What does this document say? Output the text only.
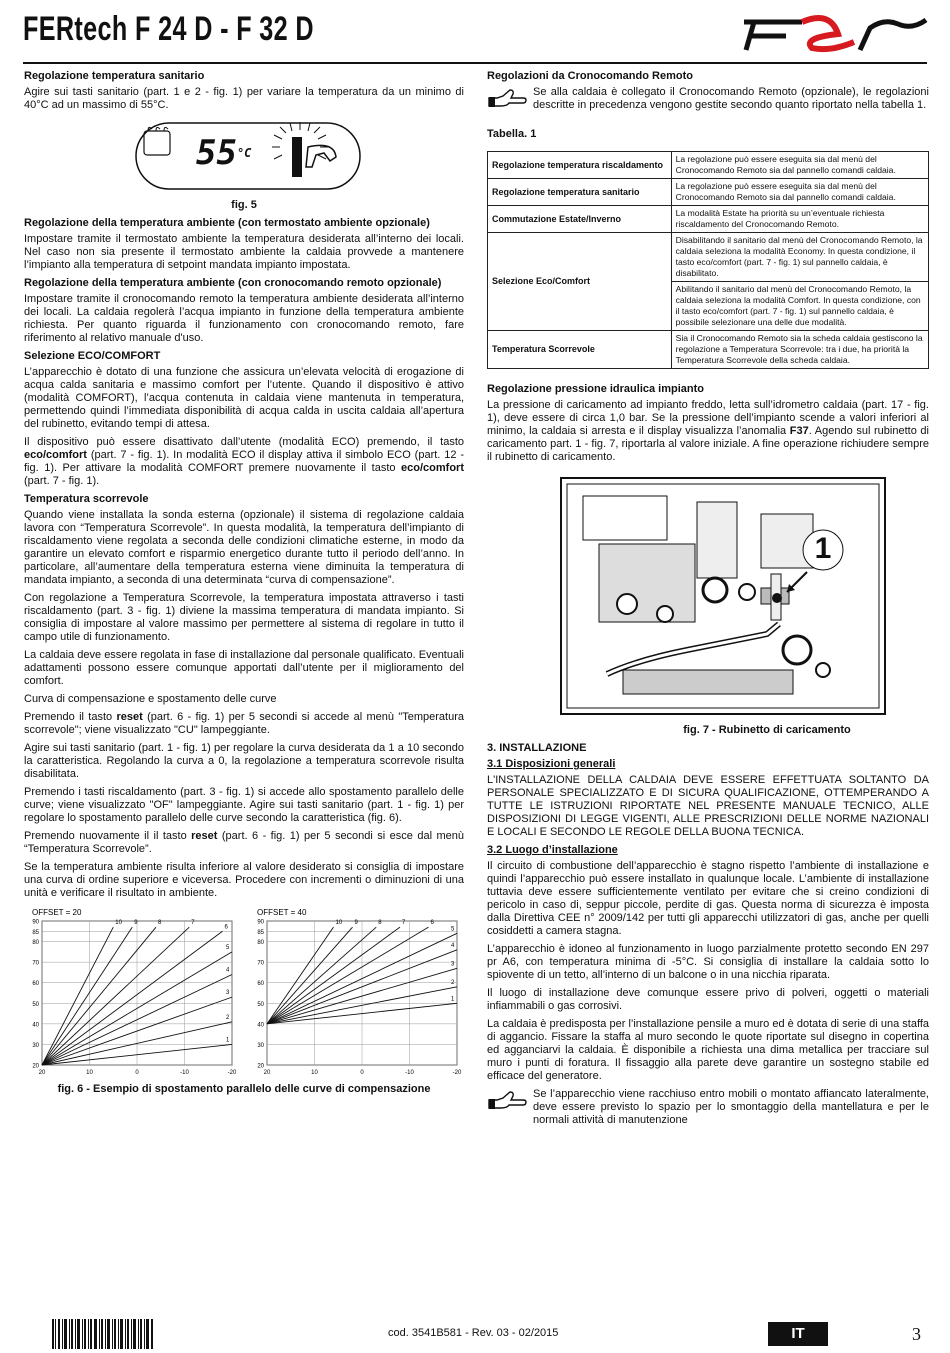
FERtech F 24 D - F 32 D
Regolazione temperatura sanitario

Agire sui tasti sanitario (part. 1 e 2 - fig. 1) per variare la temperatura da un minimo di 40°C ad un massimo di 55°C.

$55^{^\circ C}$
fig. 5
Regolazione della temperatura ambiente (con termostato ambiente opzionale)

Impostare tramite il termostato ambiente la temperatura desiderata all’interno dei locali. Nel caso non sia presente il termostato ambiente la caldaia provvede a mantenere l’impianto alla temperatura di setpoint mandata impianto impostata.

Regolazione della temperatura ambiente (con cronocomando remoto opzionale)

Impostare tramite il cronocomando remoto la temperatura ambiente desiderata all’interno dei locali. La caldaia regolerà l’acqua impianto in funzione della temperatura ambiente richiesta. Per quanto riguarda il funzionamento con cronocomando remoto, fare riferimento al relativo manuale d'uso.

Selezione ECO/COMFORT

L’apparecchio è dotato di una funzione che assicura un’elevata velocità di erogazione di acqua calda sanitaria e massimo comfort per l’utente. Quando il dispositivo è attivo (modalità COMFORT), l’acqua contenuta in caldaia viene mantenuta in temperatura, permettendo quindi l’immediata disponibilità di acqua calda in uscita caldaia all’apertura del rubinetto, evitando tempi di attesa.

Il dispositivo può essere disattivato dall’utente (modalità ECO) premendo, il tasto eco/comfort (part. 7 - fig. 1). In modalità ECO il display attiva il simbolo ECO (part. 12 - fig. 1). Per attivare la modalità COMFORT premere nuovamente il tasto eco/comfort (part. 7 - fig. 1).

Temperatura scorrevole

Quando viene installata la sonda esterna (opzionale) il sistema di regolazione caldaia lavora con “Temperatura Scorrevole”. In questa modalità, la temperatura dell’impianto di riscaldamento viene regolata a seconda delle condizioni climatiche esterne, in modo da garantire un elevato comfort e risparmio energetico durante tutto il periodo dell’anno. In particolare, all’aumentare della temperatura esterna viene diminuita la temperatura di mandata impianto, a seconda di una determinata “curva di compensazione”.

Con regolazione a Temperatura Scorrevole, la temperatura impostata attraverso i tasti riscaldamento (part. 3 - fig. 1) diviene la massima temperatura di mandata impianto. Si consiglia di impostare al valore massimo per permettere al sistema di regolare in tutto il campo utile di funzionamento.

La caldaia deve essere regolata in fase di installazione dal personale qualificato. Eventuali adattamenti possono essere comunque apportati dall’utente per il miglioramento del comfort.

Curva di compensazione e spostamento delle curve

Premendo il tasto reset (part. 6 - fig. 1) per 5 secondi si accede al menù "Temperatura scorrevole"; viene visualizzato "CU" lampeggiante.

Agire sui tasti sanitario (part. 1 - fig. 1) per regolare la curva desiderata da 1 a 10 secondo la caratteristica. Regolando la curva a 0, la regolazione a temperatura scorrevole risulta disabilitata.

Premendo i tasti riscaldamento (part. 3 - fig. 1) si accede allo spostamento parallelo delle curve; viene visualizzato "OF" lampeggiante. Agire sui tasti sanitario (part. 1 - fig. 1) per regolare lo spostamento parallelo delle curve secondo la caratteristica (fig. 6).

Premendo nuovamente il il tasto reset (part. 6 - fig. 1) per 5 secondi si esce dal menù “Temperatura Scorrevole”.

Se la temperatura ambiente risulta inferiore al valore desiderato si consiglia di impostare una curva di ordine superiore e viceversa. Procedere con incrementi o diminuzioni di una unità e verificare il risultato in ambiente.

OFFSET = 20
90
85
80
70
60
50
40
30
20
20	10	0	-10	-20
1
2
3
4
5
6
7
8
9
10
OFFSET = 40
90
85
80
70
60
50
40
30
20
20	10	0	-10	-20
1
2
3
4
5
6
7
8
9
10
fig. 6 - Esempio di spostamento parallelo delle curve di compensazione
Regolazioni da Cronocomando Remoto

Se alla caldaia è collegato il Cronocomando Remoto (opzionale), le regolazioni descritte in precedenza vengono gestite secondo quanto riportato nella tabella 1.

Tabella. 1
Regolazione temperatura riscaldamento	La regolazione può essere eseguita sia dal menù del Cronocomando Remoto sia dal pannello comandi caldaia.
Regolazione temperatura sanitario	La regolazione può essere eseguita sia dal menù del Cronocomando Remoto sia dal pannello comandi caldaia.
Commutazione Estate/Inverno	La modalità Estate ha priorità su un’eventuale richiesta riscaldamento del Cronocomando Remoto.
Selezione Eco/Comfort	Disabilitando il sanitario dal menù del Cronocomando Remoto, la caldaia seleziona la modalità Economy. In questa condizione, il tasto eco/comfort (part. 7 - fig. 1) sul pannello caldaia, è disabilitato.
	Abilitando il sanitario dal menù del Cronocomando Remoto, la caldaia seleziona la modalità Comfort. In questa condizione, con il tasto eco/comfort (part. 7 - fig. 1) sul pannello caldaia, è possibile selezionare una delle due modalità.
Temperatura Scorrevole	Sia il Cronocomando Remoto sia la scheda caldaia gestiscono la regolazione a Temperatura Scorrevole: tra i due, ha priorità la Temperatura Scorrevole della scheda caldaia.
Regolazione pressione idraulica impianto

La pressione di caricamento ad impianto freddo, letta sull’idrometro caldaia (part. 17 - fig. 1), deve essere di circa 1,0 bar. Se la pressione dell’impianto scende a valori inferiori al minimo, la caldaia si arresta e il display visualizza l’anomalia F37. Agendo sul rubinetto di caricamento part. 1 - fig. 7, riportarla al valore iniziale. A fine operazione richiudere sempre il rubinetto di caricamento.

1
fig. 7 - Rubinetto di caricamento
3. INSTALLAZIONE
3.1 Disposizioni generali

L'INSTALLAZIONE DELLA CALDAIA DEVE ESSERE EFFETTUATA SOLTANTO DA PERSONALE SPECIALIZZATO E DI SICURA QUALIFICAZIONE, OTTEMPERANDO A TUTTE LE ISTRUZIONI RIPORTATE NEL PRESENTE MANUALE TECNICO, ALLE DISPOSIZIONI DI LEGGE VIGENTI, ALLE PRESCRIZIONI DELLE NORME NAZIONALI E LOCALI E SECONDO LE REGOLE DELLA BUONA TECNICA.

3.2 Luogo d’installazione

Il circuito di combustione dell’apparecchio è stagno rispetto l’ambiente di installazione e quindi l’apparecchio può essere installato in qualunque locale. L’ambiente di installazione tuttavia deve essere sufficientemente ventilato per evitare che si creino condizioni di pericolo in caso di, seppur piccole, perdite di gas. Questa norma di sicurezza è imposta dalla Direttiva CEE n° 2009/142 per tutti gli apparecchi utilizzatori di gas, anche per quelli cosiddetti a camera stagna.

L’apparecchio è idoneo al funzionamento in luogo parzialmente protetto secondo EN 297 pr A6, con temperatura minima di -5°C. Si consiglia di installare la caldaia sotto lo spiovente di un tetto, all’interno di un balcone o in una nicchia riparata.

Il luogo di installazione deve comunque essere privo di polveri, oggetti o materiali infiammabili o gas corrosivi.

La caldaia è predisposta per l’installazione pensile a muro ed è dotata di serie di una staffa di aggancio. Fissare la staffa al muro secondo le quote riportate sul disegno in copertina ed agganciarvi la caldaia. È disponibile a richiesta una dima metallica per tracciare sul muro i punti di foratura. Il fissaggio alla parete deve garantire un sostegno stabile ed efficace del generatore.

Se l’apparecchio viene racchiuso entro mobili o montato affiancato lateralmente, deve essere previsto lo spazio per lo smontaggio della mantellatura e per le normali attività di manutenzione

cod. 3541B581 - Rev. 03 - 02/2015	IT	3
